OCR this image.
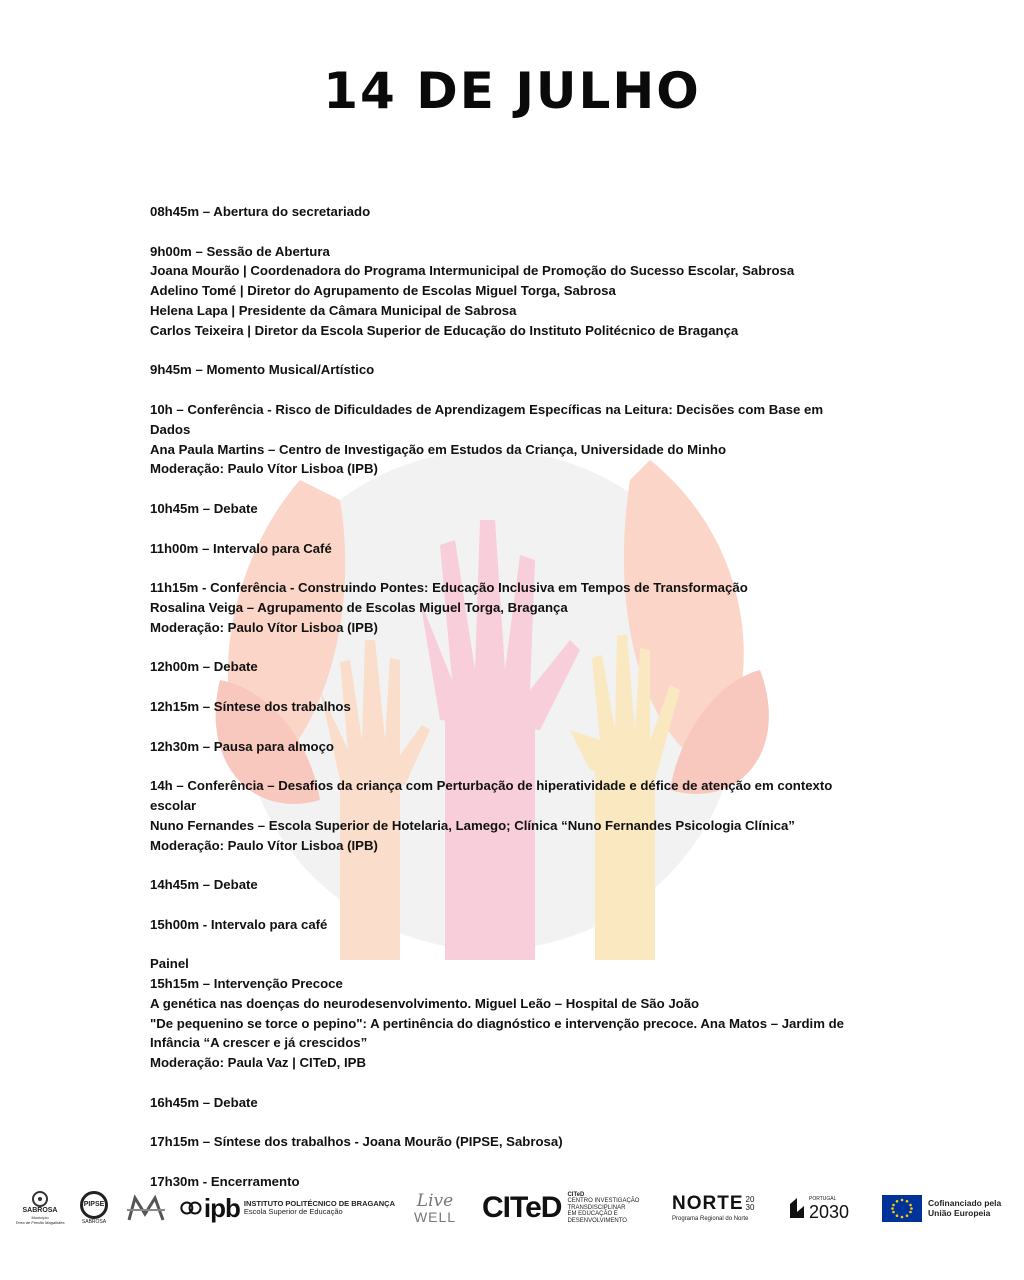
14 DE JULHO
08h45m – Abertura do secretariado
9h00m – Sessão de Abertura
Joana Mourão | Coordenadora do Programa Intermunicipal de Promoção do Sucesso Escolar, Sabrosa
Adelino Tomé | Diretor do Agrupamento de Escolas Miguel Torga, Sabrosa
Helena Lapa | Presidente da Câmara Municipal de Sabrosa
Carlos Teixeira | Diretor da Escola Superior de Educação do Instituto Politécnico de Bragança
9h45m – Momento Musical/Artístico
10h – Conferência - Risco de Dificuldades de Aprendizagem Específicas na Leitura: Decisões com Base em
Dados
Ana Paula Martins – Centro de Investigação em Estudos da Criança, Universidade do Minho
Moderação: Paulo Vítor Lisboa (IPB)
10h45m – Debate
11h00m – Intervalo para Café
11h15m - Conferência - Construindo Pontes: Educação Inclusiva em Tempos de Transformação
Rosalina Veiga – Agrupamento de Escolas Miguel Torga, Bragança
Moderação: Paulo Vítor Lisboa (IPB)
12h00m – Debate
12h15m – Síntese dos trabalhos
12h30m – Pausa para almoço
14h – Conferência – Desafios da criança com Perturbação de hiperatividade e défice de atenção em contexto
escolar
Nuno Fernandes – Escola Superior de Hotelaria, Lamego; Clínica “Nuno Fernandes Psicologia Clínica”
Moderação: Paulo Vítor Lisboa (IPB)
14h45m – Debate
15h00m - Intervalo para café
Painel
15h15m – Intervenção Precoce
A genética nas doenças do neurodesenvolvimento. Miguel Leão – Hospital de São João
"De pequenino se torce o pepino": A pertinência do diagnóstico e intervenção precoce. Ana Matos – Jardim de
Infância “A crescer e já crescidos”
Moderação: Paula Vaz | CITeD, IPB
16h45m – Debate
17h15m – Síntese dos trabalhos - Joana Mourão (PIPSE, Sabrosa)
17h30m - Encerramento
SABROSA
Município
Terra de Fernão Magalhães
PIPSE
SABROSA	ipb INSTITUTO POLITÉCNICO DE BRAGANÇA
Escola Superior de Educação
Live
WELL CITeD CITeD
CENTRO INVESTIGAÇÃO
TRANSDISCIPLINAR
EM EDUCAÇÃO E
DESENVOLVIMENTO
NORTE 20
30
Programa Regional do Norte
PORTUGAL
2030	Cofinanciado pela
União Europeia
